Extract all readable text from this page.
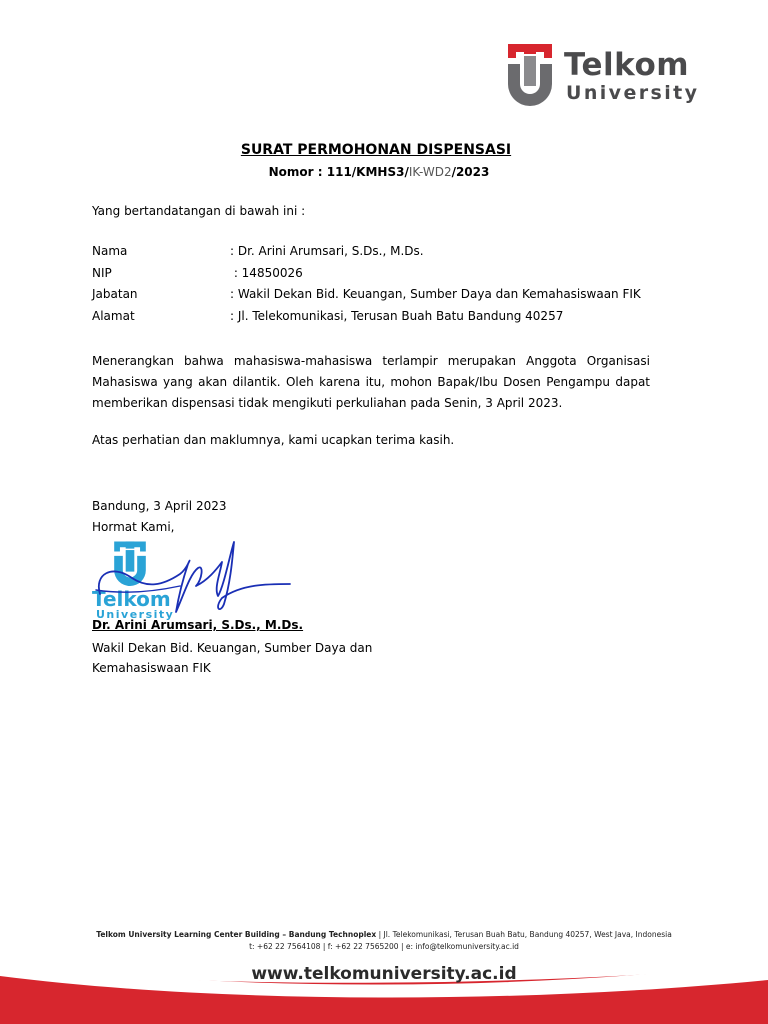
Telkom
University
SURAT PERMOHONAN DISPENSASI
Nomor : 111/KMHS3/IK-WD2/2023
Yang bertandatangan di bawah ini :
Nama	: Dr. Arini Arumsari, S.Ds., M.Ds.
NIP	: 14850026
Jabatan	: Wakil Dekan Bid. Keuangan, Sumber Daya dan Kemahasiswaan FIK
Alamat	: Jl. Telekomunikasi, Terusan Buah Batu Bandung 40257
Menerangkan bahwa mahasiswa-mahasiswa terlampir merupakan Anggota Organisasi Mahasiswa yang akan dilantik. Oleh karena itu, mohon Bapak/Ibu Dosen Pengampu dapat memberikan dispensasi tidak mengikuti perkuliahan pada Senin, 3 April 2023.
Atas perhatian dan maklumnya, kami ucapkan terima kasih.
Bandung, 3 April 2023
Hormat Kami,
Telkom
University
Dr. Arini Arumsari, S.Ds., M.Ds.
Wakil Dekan Bid. Keuangan, Sumber Daya dan
Kemahasiswaan FIK
Telkom University Learning Center Building – Bandung Technoplex | Jl. Telekomunikasi, Terusan Buah Batu, Bandung 40257, West Java, Indonesia
t: +62 22 7564108 | f: +62 22 7565200 | e: info@telkomuniversity.ac.id
www.telkomuniversity.ac.id
